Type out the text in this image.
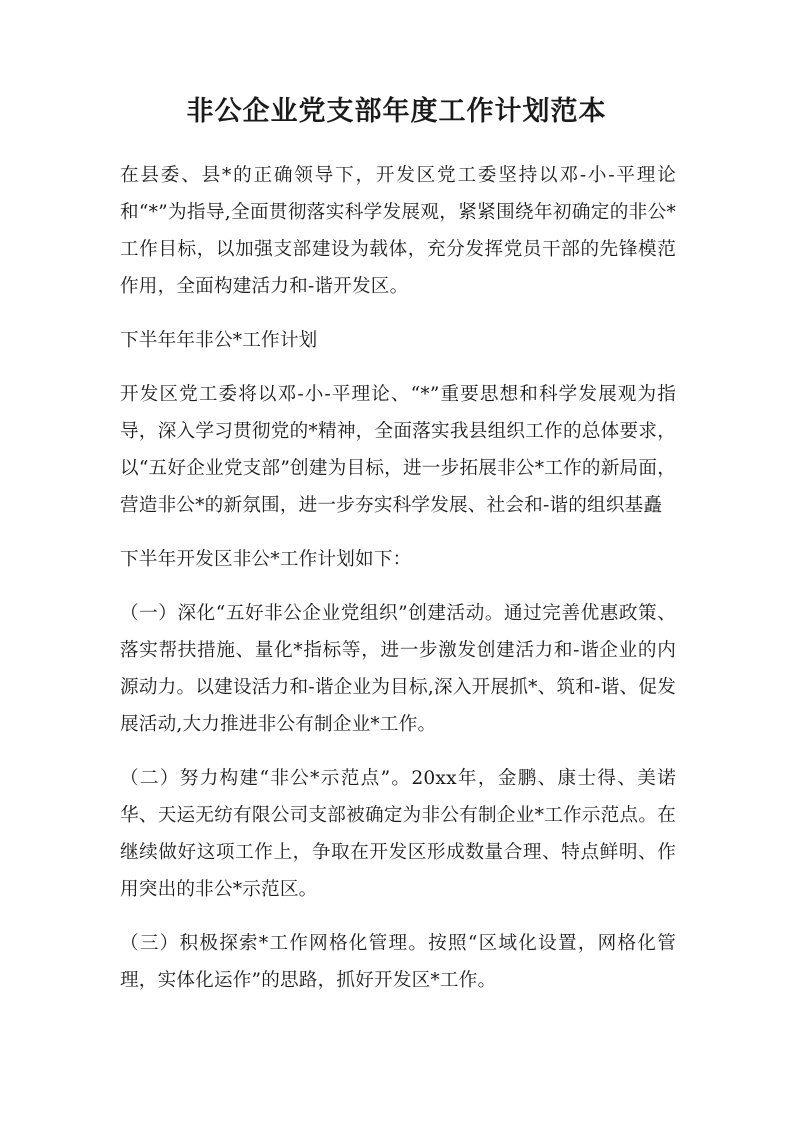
非公企业党支部年度工作计划范本

在县委、县*的正确领导下，开发区党工委坚持以邓-小-平理论和“*”为指导,全面贯彻落实科学发展观，紧紧围绕年初确定的非公*工作目标，以加强支部建设为载体，充分发挥党员干部的先锋模范作用，全面构建活力和-谐开发区。

下半年年非公*工作计划

开发区党工委将以邓-小-平理论、“*”重要思想和科学发展观为指导，深入学习贯彻党的*精神，全面落实我县组织工作的总体要求，以“五好企业党支部”创建为目标，进一步拓展非公*工作的新局面，营造非公*的新氛围，进一步夯实科学发展、社会和-谐的组织基矗

下半年开发区非公*工作计划如下：

（一）深化“五好非公企业党组织”创建活动。通过完善优惠政策、落实帮扶措施、量化*指标等，进一步激发创建活力和-谐企业的内源动力。以建设活力和-谐企业为目标,深入开展抓*、筑和-谐、促发展活动,大力推进非公有制企业*工作。

（二）努力构建“非公*示范点”。20xx年，金鹏、康士得、美诺华、天运无纺有限公司支部被确定为非公有制企业*工作示范点。在继续做好这项工作上，争取在开发区形成数量合理、特点鲜明、作用突出的非公*示范区。

（三）积极探索*工作网格化管理。按照“区域化设置，网格化管理，实体化运作”的思路，抓好开发区*工作。
